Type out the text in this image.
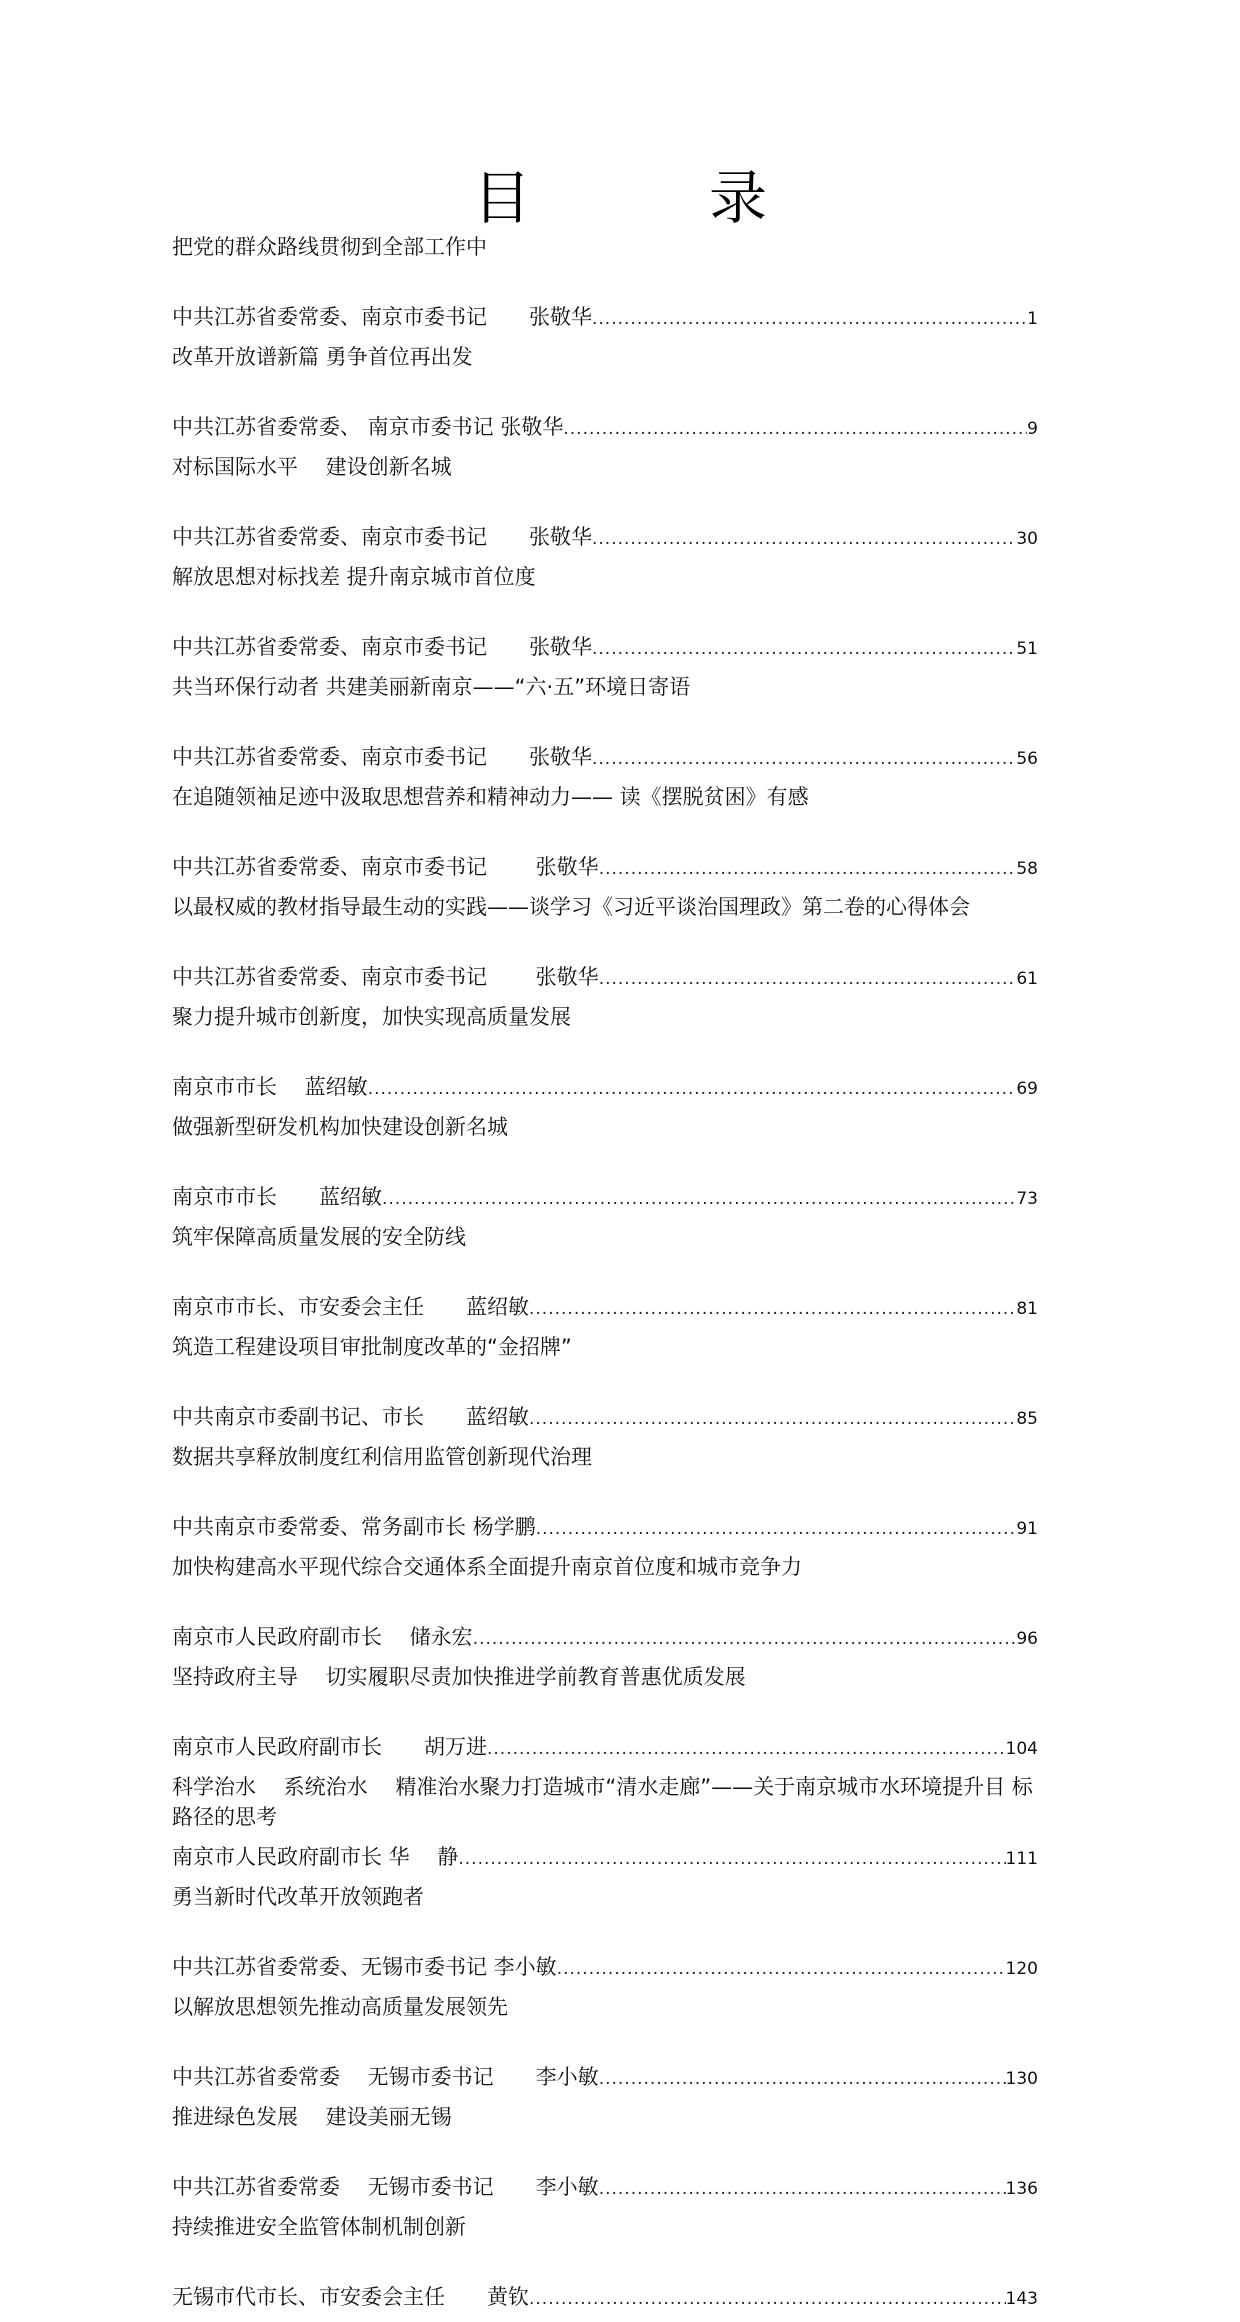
目　录
把党的群众路线贯彻到全部工作中
中共江苏省委常委、南京市委书记　　张敬华 .....	1
改革开放谱新篇 勇争首位再出发
中共江苏省委常委、 南京市委书记 张敬华 .....	9
对标国际水平　 建设创新名城
中共江苏省委常委、南京市委书记　　张敬华 .....	30
解放思想对标找差 提升南京城市首位度
中共江苏省委常委、南京市委书记　　张敬华 .....	51
共当环保行动者 共建美丽新南京——“六·五”环境日寄语
中共江苏省委常委、南京市委书记　　张敬华 .....	56
在追随领袖足迹中汲取思想营养和精神动力—— 读《摆脱贫困》有感
中共江苏省委常委、南京市委书记　　 张敬华 .....	58
以最权威的教材指导最生动的实践——谈学习《习近平谈治国理政》第二卷的心得体会
中共江苏省委常委、南京市委书记　　 张敬华 .....	61
聚力提升城市创新度，加快实现高质量发展
南京市市长　 蓝绍敏 .....	69
做强新型研发机构加快建设创新名城
南京市市长　　蓝绍敏 .....	73
筑牢保障高质量发展的安全防线
南京市市长、市安委会主任　　蓝绍敏 .....	81
筑造工程建设项目审批制度改革的“金招牌”
中共南京市委副书记、市长　　蓝绍敏 .....	85
数据共享释放制度红利信用监管创新现代治理
中共南京市委常委、常务副市长 杨学鹏 .....	91
加快构建高水平现代综合交通体系全面提升南京首位度和城市竞争力
南京市人民政府副市长　 储永宏 .....	96
坚持政府主导　 切实履职尽责加快推进学前教育普惠优质发展
南京市人民政府副市长　　胡万进 .....	104
科学治水　 系统治水　 精准治水聚力打造城市“清水走廊”——关于南京城市水环境提升目 标路径的思考
南京市人民政府副市长 华　 静 .....	111
勇当新时代改革开放领跑者
中共江苏省委常委、无锡市委书记 李小敏 .....	120
以解放思想领先推动高质量发展领先
中共江苏省委常委　 无锡市委书记　　李小敏 .....	130
推进绿色发展　 建设美丽无锡
中共江苏省委常委　 无锡市委书记　　李小敏 .....	136
持续推进安全监管体制机制创新
无锡市代市长、市安委会主任　　黄钦 .....	143
